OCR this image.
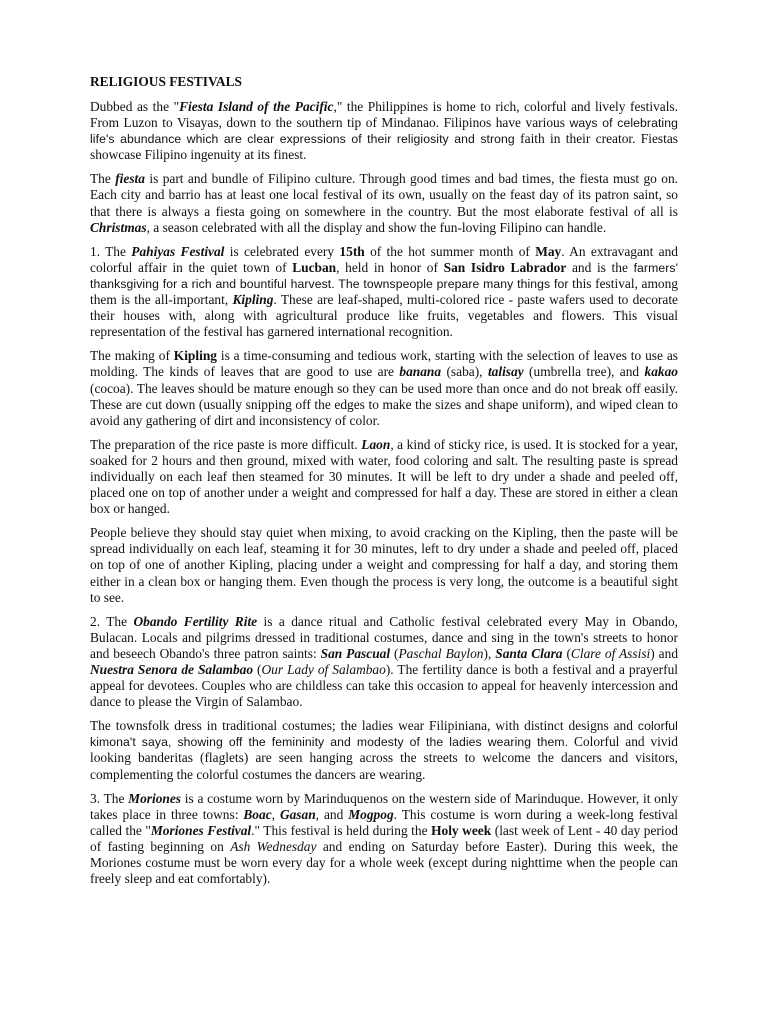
RELIGIOUS FESTIVALS

Dubbed as the "Fiesta Island of the Pacific," the Philippines is home to rich, colorful and lively festivals. From Luzon to Visayas, down to the southern tip of Mindanao. Filipinos have various ways of celebrating life's abundance which are clear expressions of their religiosity and strong faith in their creator. Fiestas showcase Filipino ingenuity at its finest.

The fiesta is part and bundle of Filipino culture. Through good times and bad times, the fiesta must go on. Each city and barrio has at least one local festival of its own, usually on the feast day of its patron saint, so that there is always a fiesta going on somewhere in the country. But the most elaborate festival of all is Christmas, a season celebrated with all the display and show the fun-loving Filipino can handle.

1. The Pahiyas Festival is celebrated every 15th of the hot summer month of May. An extravagant and colorful affair in the quiet town of Lucban, held in honor of San Isidro Labrador and is the farmers' thanksgiving for a rich and bountiful harvest. The townspeople prepare many things for this festival, among them is the all-important, Kipling. These are leaf-shaped, multi-colored rice - paste wafers used to decorate their houses with, along with agricultural produce like fruits, vegetables and flowers. This visual representation of the festival has garnered international recognition.

The making of Kipling is a time-consuming and tedious work, starting with the selection of leaves to use as molding. The kinds of leaves that are good to use are banana (saba), talisay (umbrella tree), and kakao (cocoa). The leaves should be mature enough so they can be used more than once and do not break off easily. These are cut down (usually snipping off the edges to make the sizes and shape uniform), and wiped clean to avoid any gathering of dirt and inconsistency of color.

The preparation of the rice paste is more difficult. Laon, a kind of sticky rice, is used. It is stocked for a year, soaked for 2 hours and then ground, mixed with water, food coloring and salt. The resulting paste is spread individually on each leaf then steamed for 30 minutes. It will be left to dry under a shade and peeled off, placed one on top of another under a weight and compressed for half a day. These are stored in either a clean box or hanged.

People believe they should stay quiet when mixing, to avoid cracking on the Kipling, then the paste will be spread individually on each leaf, steaming it for 30 minutes, left to dry under a shade and peeled off, placed on top of one of another Kipling, placing under a weight and compressing for half a day, and storing them either in a clean box or hanging them. Even though the process is very long, the outcome is a beautiful sight to see.

2. The Obando Fertility Rite is a dance ritual and Catholic festival celebrated every May in Obando, Bulacan. Locals and pilgrims dressed in traditional costumes, dance and sing in the town's streets to honor and beseech Obando's three patron saints: San Pascual (Paschal Baylon), Santa Clara (Clare of Assisi) and Nuestra Senora de Salambao (Our Lady of Salambao). The fertility dance is both a festival and a prayerful appeal for devotees. Couples who are childless can take this occasion to appeal for heavenly intercession and dance to please the Virgin of Salambao.

The townsfolk dress in traditional costumes; the ladies wear Filipiniana, with distinct designs and colorful kimona't saya, showing off the femininity and modesty of the ladies wearing them. Colorful and vivid looking banderitas (flaglets) are seen hanging across the streets to welcome the dancers and visitors, complementing the colorful costumes the dancers are wearing.

3. The Moriones is a costume worn by Marinduquenos on the western side of Marinduque. However, it only takes place in three towns: Boac, Gasan, and Mogpog. This costume is worn during a week-long festival called the "Moriones Festival." This festival is held during the Holy week (last week of Lent - 40 day period of fasting beginning on Ash Wednesday and ending on Saturday before Easter). During this week, the Moriones costume must be worn every day for a whole week (except during nighttime when the people can freely sleep and eat comfortably).
